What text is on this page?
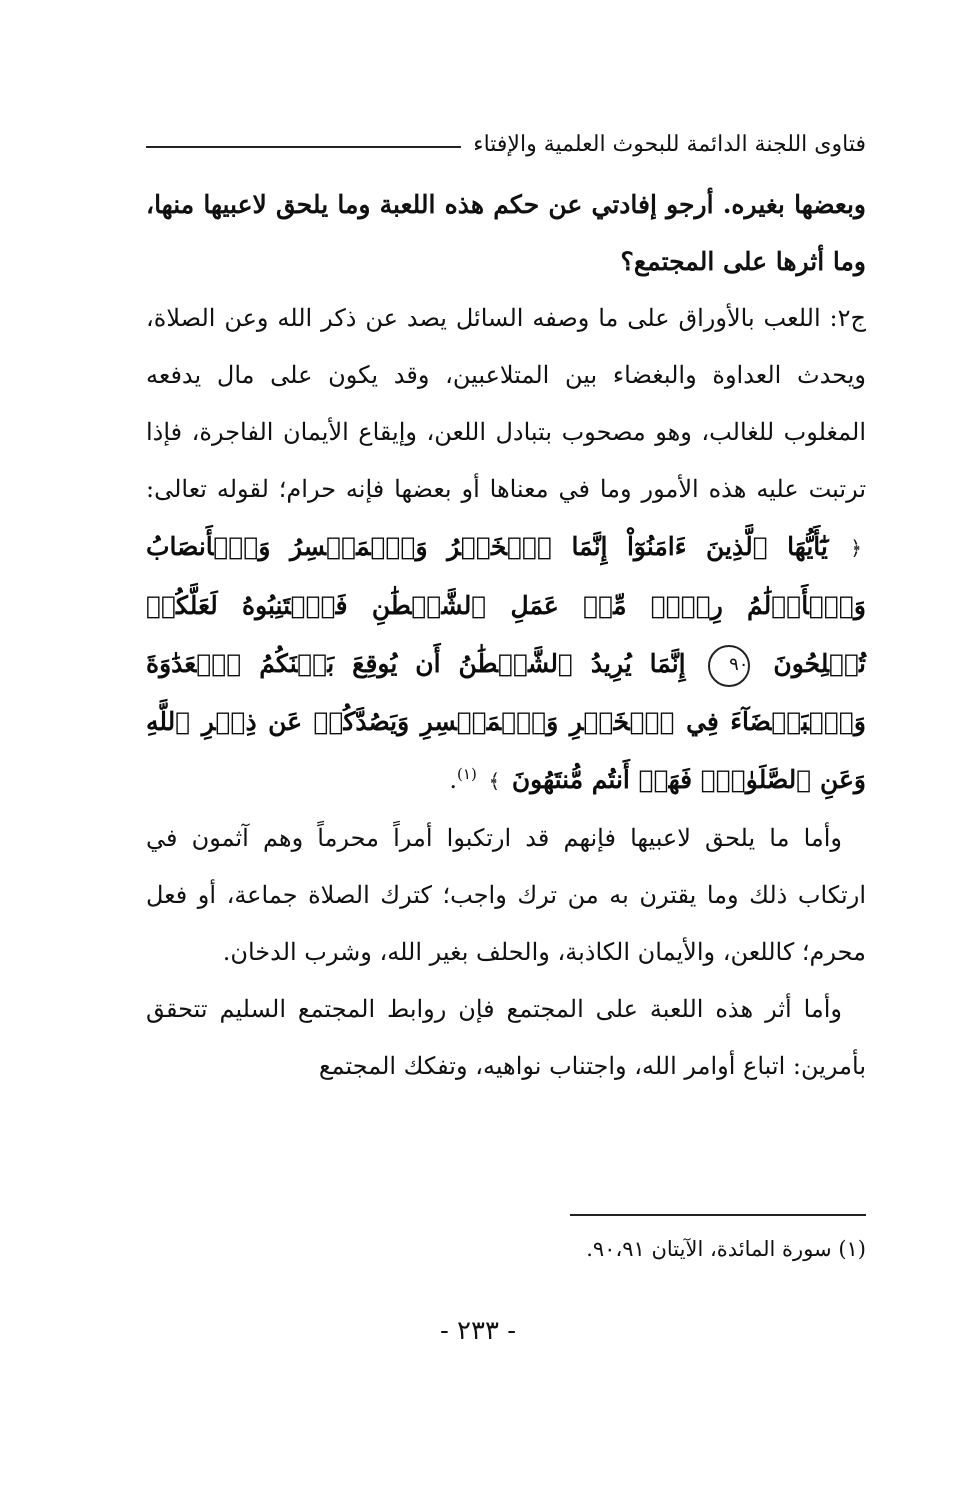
فتاوى اللجنة الدائمة للبحوث العلمية والإفتاء

وبعضها بغيره. أرجو إفادتي عن حكم هذه اللعبة وما يلحق لاعبيها منها، وما أثرها على المجتمع؟

ج٢: اللعب بالأوراق على ما وصفه السائل يصد عن ذكر الله وعن الصلاة، ويحدث العداوة والبغضاء بين المتلاعبين، وقد يكون على مال يدفعه المغلوب للغالب، وهو مصحوب بتبادل اللعن، وإيقاع الأيمان الفاجرة، فإذا ترتبت عليه هذه الأمور وما في معناها أو بعضها فإنه حرام؛ لقوله تعالى: ﴿ يَٰٓأَيُّهَا ٱلَّذِينَ ءَامَنُوٓاْ إِنَّمَا ٱلۡخَمۡرُ وَٱلۡمَيۡسِرُ وَٱلۡأَنصَابُ وَٱلۡأَزۡلَٰمُ رِجۡسٞ مِّنۡ عَمَلِ ٱلشَّيۡطَٰنِ فَٱجۡتَنِبُوهُ لَعَلَّكُمۡ تُفۡلِحُونَ ٩٠ إِنَّمَا يُرِيدُ ٱلشَّيۡطَٰنُ أَن يُوقِعَ بَيۡنَكُمُ ٱلۡعَدَٰوَةَ وَٱلۡبَغۡضَآءَ فِي ٱلۡخَمۡرِ وَٱلۡمَيۡسِرِ وَيَصُدَّكُمۡ عَن ذِكۡرِ ٱللَّهِ وَعَنِ ٱلصَّلَوٰةِۖ فَهَلۡ أَنتُم مُّنتَهُونَ ﴾ $^{(١)}$.

وأما ما يلحق لاعبيها فإنهم قد ارتكبوا أمراً محرماً وهم آثمون في ارتكاب ذلك وما يقترن به من ترك واجب؛ كترك الصلاة جماعة، أو فعل محرم؛ كاللعن، والأيمان الكاذبة، والحلف بغير الله، وشرب الدخان.

وأما أثر هذه اللعبة على المجتمع فإن روابط المجتمع السليم تتحقق بأمرين: اتباع أوامر الله، واجتناب نواهيه، وتفكك المجتمع

(١) سورة المائدة، الآيتان ٩٠،٩١.
- ٢٣٣ -
